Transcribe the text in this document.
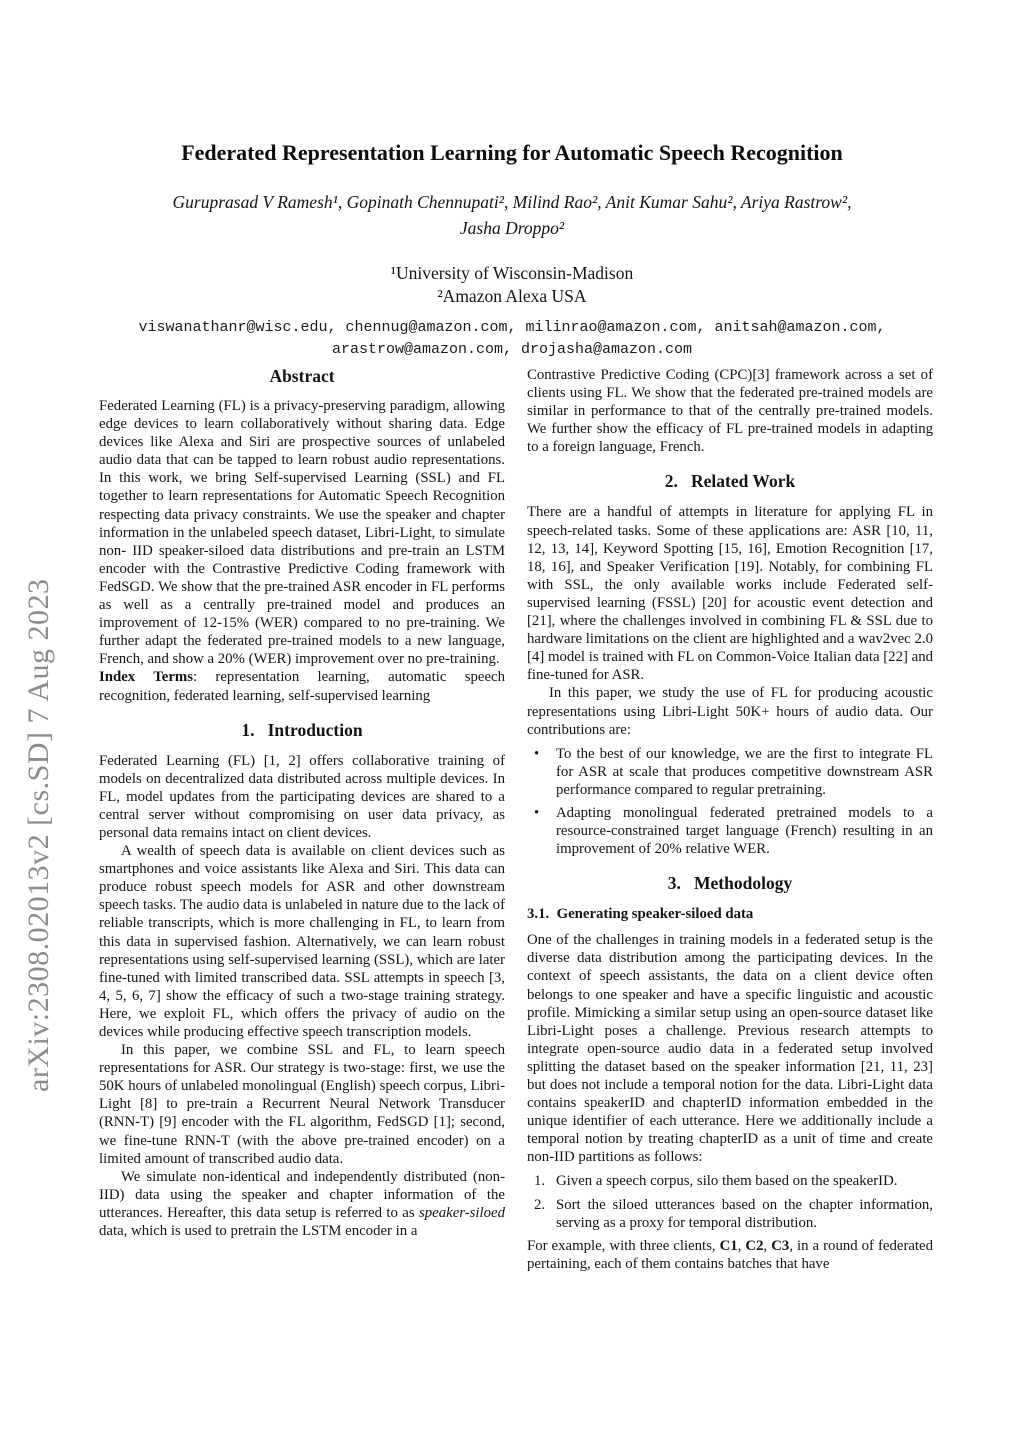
arXiv:2308.02013v2 [cs.SD] 7 Aug 2023
Federated Representation Learning for Automatic Speech Recognition
Guruprasad V Ramesh¹, Gopinath Chennupati², Milind Rao², Anit Kumar Sahu², Ariya Rastrow²,
Jasha Droppo²
¹University of Wisconsin-Madison
²Amazon Alexa USA
viswanathanr@wisc.edu, chennug@amazon.com, milinrao@amazon.com, anitsah@amazon.com,
arastrow@amazon.com, drojasha@amazon.com
Abstract

Federated Learning (FL) is a privacy-preserving paradigm, allowing edge devices to learn collaboratively without sharing data. Edge devices like Alexa and Siri are prospective sources of unlabeled audio data that can be tapped to learn robust audio representations. In this work, we bring Self-supervised Learning (SSL) and FL together to learn representations for Automatic Speech Recognition respecting data privacy constraints. We use the speaker and chapter information in the unlabeled speech dataset, Libri-Light, to simulate non- IID speaker-siloed data distributions and pre-train an LSTM encoder with the Contrastive Predictive Coding framework with FedSGD. We show that the pre-trained ASR encoder in FL performs as well as a centrally pre-trained model and produces an improvement of 12-15% (WER) compared to no pre-training. We further adapt the federated pre-trained models to a new language, French, and show a 20% (WER) improvement over no pre-training.

Index Terms: representation learning, automatic speech recognition, federated learning, self-supervised learning

1.  Introduction

Federated Learning (FL) [1, 2] offers collaborative training of models on decentralized data distributed across multiple devices. In FL, model updates from the participating devices are shared to a central server without compromising on user data privacy, as personal data remains intact on client devices.

A wealth of speech data is available on client devices such as smartphones and voice assistants like Alexa and Siri. This data can produce robust speech models for ASR and other downstream speech tasks. The audio data is unlabeled in nature due to the lack of reliable transcripts, which is more challenging in FL, to learn from this data in supervised fashion. Alternatively, we can learn robust representations using self-supervised learning (SSL), which are later fine-tuned with limited transcribed data. SSL attempts in speech [3, 4, 5, 6, 7] show the efficacy of such a two-stage training strategy. Here, we exploit FL, which offers the privacy of audio on the devices while producing effective speech transcription models.

In this paper, we combine SSL and FL, to learn speech representations for ASR. Our strategy is two-stage: first, we use the 50K hours of unlabeled monolingual (English) speech corpus, Libri-Light [8] to pre-train a Recurrent Neural Network Transducer (RNN-T) [9] encoder with the FL algorithm, FedSGD [1]; second, we fine-tune RNN-T (with the above pre-trained encoder) on a limited amount of transcribed audio data.

We simulate non-identical and independently distributed (non-IID) data using the speaker and chapter information of the utterances. Hereafter, this data setup is referred to as speaker-siloed data, which is used to pretrain the LSTM encoder in a

Contrastive Predictive Coding (CPC)[3] framework across a set of clients using FL. We show that the federated pre-trained models are similar in performance to that of the centrally pre-trained models. We further show the efficacy of FL pre-trained models in adapting to a foreign language, French.

2.  Related Work

There are a handful of attempts in literature for applying FL in speech-related tasks. Some of these applications are: ASR [10, 11, 12, 13, 14], Keyword Spotting [15, 16], Emotion Recognition [17, 18, 16], and Speaker Verification [19]. Notably, for combining FL with SSL, the only available works include Federated self-supervised learning (FSSL) [20] for acoustic event detection and [21], where the challenges involved in combining FL & SSL due to hardware limitations on the client are highlighted and a wav2vec 2.0 [4] model is trained with FL on Common-Voice Italian data [22] and fine-tuned for ASR.

In this paper, we study the use of FL for producing acoustic representations using Libri-Light 50K+ hours of audio data. Our contributions are:

• To the best of our knowledge, we are the first to integrate FL for ASR at scale that produces competitive downstream ASR performance compared to regular pretraining.
• Adapting monolingual federated pretrained models to a resource-constrained target language (French) resulting in an improvement of 20% relative WER.
3.  Methodology
3.1. Generating speaker-siloed data

One of the challenges in training models in a federated setup is the diverse data distribution among the participating devices. In the context of speech assistants, the data on a client device often belongs to one speaker and have a specific linguistic and acoustic profile. Mimicking a similar setup using an open-source dataset like Libri-Light poses a challenge. Previous research attempts to integrate open-source audio data in a federated setup involved splitting the dataset based on the speaker information [21, 11, 23] but does not include a temporal notion for the data. Libri-Light data contains speakerID and chapterID information embedded in the unique identifier of each utterance. Here we additionally include a temporal notion by treating chapterID as a unit of time and create non-IID partitions as follows:

1. Given a speech corpus, silo them based on the speakerID.
2. Sort the siloed utterances based on the chapter information, serving as a proxy for temporal distribution.

For example, with three clients, C1, C2, C3, in a round of federated pertaining, each of them contains batches that have
